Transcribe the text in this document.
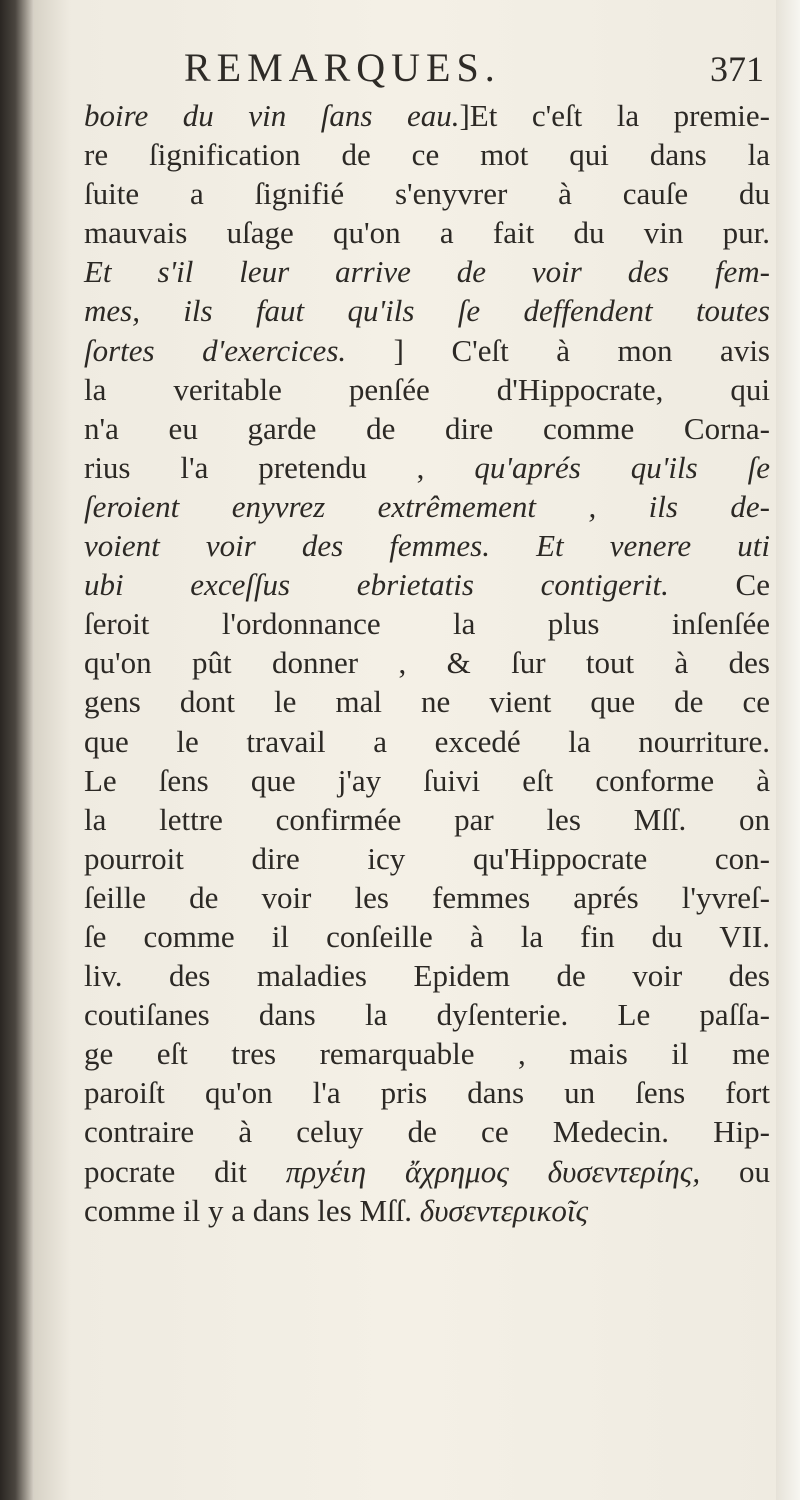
REMARQUES.	371
boire du vin ſans eau.]Et c'eſt la premie-
re ſignification de ce mot qui dans la
ſuite a ſignifié s'enyvrer à cauſe du
mauvais uſage qu'on a fait du vin pur.
Et s'il leur arrive de voir des fem-
mes, ils faut qu'ils ſe deffendent toutes
ſortes d'exercices. ] C'eſt à mon avis
la veritable penſée d'Hippocrate, qui
n'a eu garde de dire comme Corna-
rius l'a pretendu , qu'aprés qu'ils ſe
ſeroient enyvrez extrêmement , ils de-
voient voir des femmes. Et venere uti
ubi exceſſus ebrietatis contigerit. Ce
ſeroit l'ordonnance la plus inſenſée
qu'on pût donner , & ſur tout à des
gens dont le mal ne vient que de ce
que le travail a excedé la nourriture.
Le ſens que j'ay ſuivi eſt conforme à
la lettre confirmée par les Mſſ. on
pourroit dire icy qu'Hippocrate con-
ſeille de voir les femmes aprés l'yvreſ-
ſe comme il conſeille à la fin du VII.
liv. des maladies Epidem de voir des
coutiſanes dans la dyſenterie. Le paſſa-
ge eſt tres remarquable , mais il me
paroiſt qu'on l'a pris dans un ſens fort
contraire à celuy de ce Medecin. Hip-
pocrate dit πρyέιη ἄχρημος δυσεντερίης, ou
comme il y a dans les Mſſ. δυσεντερικοῖς
